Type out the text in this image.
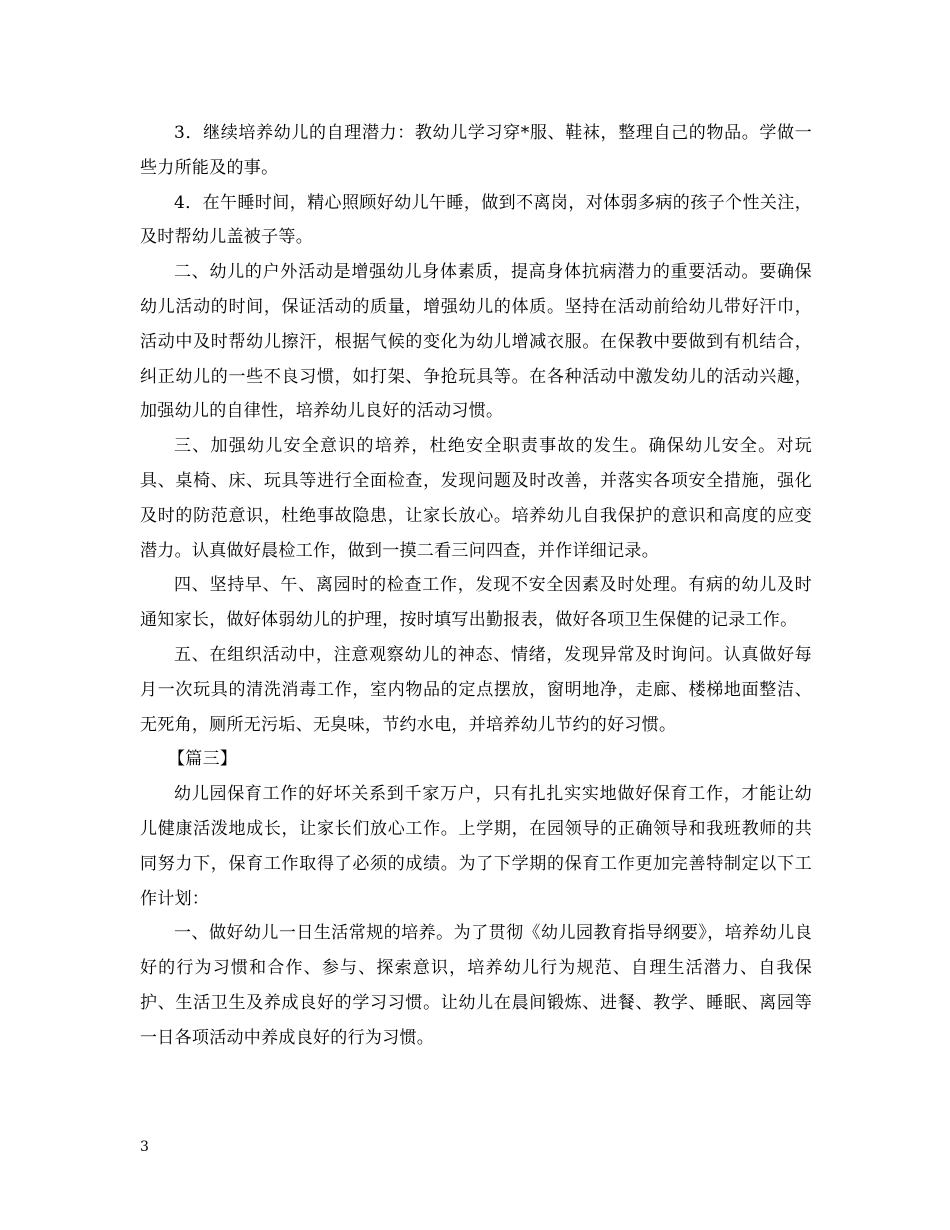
3．继续培养幼儿的自理潜力：教幼儿学习穿*服、鞋袜，整理自己的物品。学做一些力所能及的事。

4．在午睡时间，精心照顾好幼儿午睡，做到不离岗，对体弱多病的孩子个性关注，及时帮幼儿盖被子等。

二、幼儿的户外活动是增强幼儿身体素质，提高身体抗病潜力的重要活动。要确保幼儿活动的时间，保证活动的质量，增强幼儿的体质。坚持在活动前给幼儿带好汗巾，活动中及时帮幼儿擦汗，根据气候的变化为幼儿增减衣服。在保教中要做到有机结合，纠正幼儿的一些不良习惯，如打架、争抢玩具等。在各种活动中激发幼儿的活动兴趣，加强幼儿的自律性，培养幼儿良好的活动习惯。

三、加强幼儿安全意识的培养，杜绝安全职责事故的发生。确保幼儿安全。对玩具、桌椅、床、玩具等进行全面检查，发现问题及时改善，并落实各项安全措施，强化及时的防范意识，杜绝事故隐患，让家长放心。培养幼儿自我保护的意识和高度的应变潜力。认真做好晨检工作，做到一摸二看三问四查，并作详细记录。

四、坚持早、午、离园时的检查工作，发现不安全因素及时处理。有病的幼儿及时通知家长，做好体弱幼儿的护理，按时填写出勤报表，做好各项卫生保健的记录工作。

五、在组织活动中，注意观察幼儿的神态、情绪，发现异常及时询问。认真做好每月一次玩具的清洗消毒工作，室内物品的定点摆放，窗明地净，走廊、楼梯地面整洁、无死角，厕所无污垢、无臭味，节约水电，并培养幼儿节约的好习惯。

【篇三】

幼儿园保育工作的好坏关系到千家万户，只有扎扎实实地做好保育工作，才能让幼儿健康活泼地成长，让家长们放心工作。上学期，在园领导的正确领导和我班教师的共同努力下，保育工作取得了必须的成绩。为了下学期的保育工作更加完善特制定以下工作计划：

一、做好幼儿一日生活常规的培养。为了贯彻《幼儿园教育指导纲要》，培养幼儿良好的行为习惯和合作、参与、探索意识，培养幼儿行为规范、自理生活潜力、自我保护、生活卫生及养成良好的学习习惯。让幼儿在晨间锻炼、进餐、教学、睡眠、离园等一日各项活动中养成良好的行为习惯。

3
